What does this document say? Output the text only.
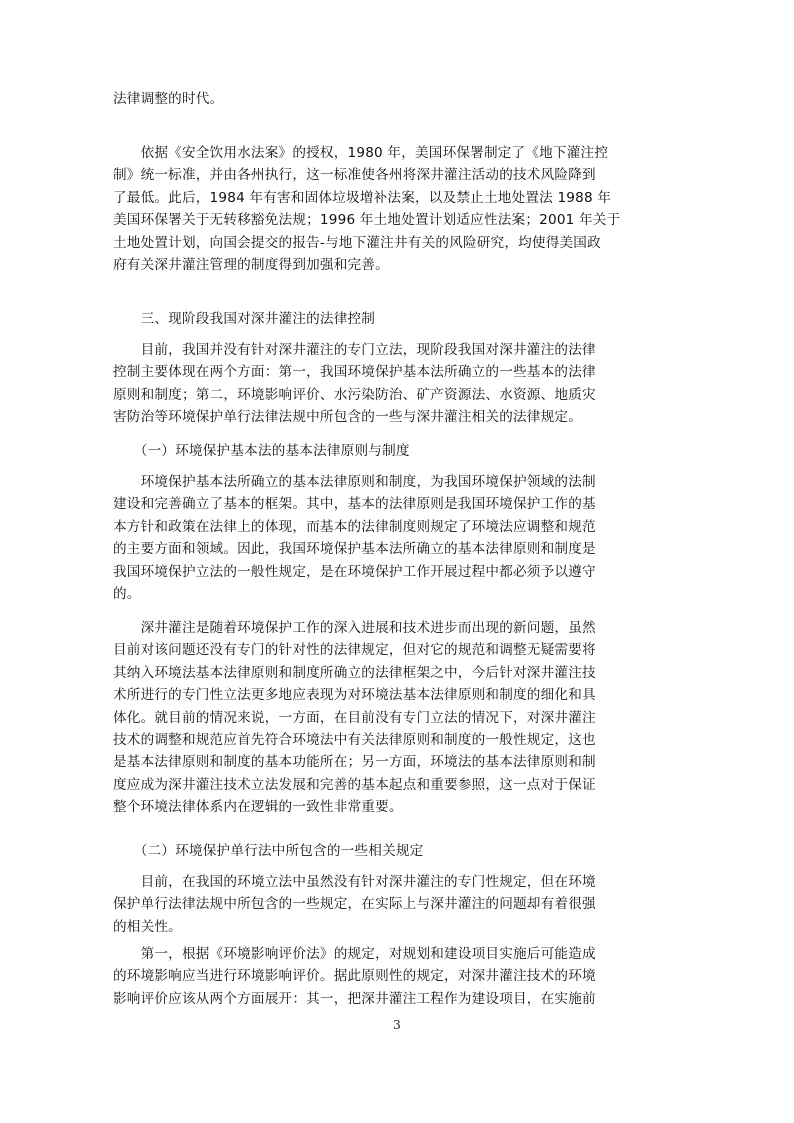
法律调整的时代。
　　依据《安全饮用水法案》的授权，1980 年，美国环保署制定了《地下灌注控
制》统一标准，并由各州执行，这一标准使各州将深井灌注活动的技术风险降到
了最低。此后，1984 年有害和固体垃圾增补法案，以及禁止土地处置法 1988 年
美国环保署关于无转移豁免法规；1996 年土地处置计划适应性法案；2001 年关于
土地处置计划，向国会提交的报告-与地下灌注井有关的风险研究，均使得美国政
府有关深井灌注管理的制度得到加强和完善。
　　三、现阶段我国对深井灌注的法律控制
　　目前，我国并没有针对深井灌注的专门立法，现阶段我国对深井灌注的法律
控制主要体现在两个方面：第一，我国环境保护基本法所确立的一些基本的法律
原则和制度；第二，环境影响评价、水污染防治、矿产资源法、水资源、地质灾
害防治等环境保护单行法律法规中所包含的一些与深井灌注相关的法律规定。
　　（一）环境保护基本法的基本法律原则与制度
　　环境保护基本法所确立的基本法律原则和制度，为我国环境保护领域的法制
建设和完善确立了基本的框架。其中，基本的法律原则是我国环境保护工作的基
本方针和政策在法律上的体现，而基本的法律制度则规定了环境法应调整和规范
的主要方面和领域。因此，我国环境保护基本法所确立的基本法律原则和制度是
我国环境保护立法的一般性规定，是在环境保护工作开展过程中都必须予以遵守
的。
　　深井灌注是随着环境保护工作的深入进展和技术进步而出现的新问题，虽然
目前对该问题还没有专门的针对性的法律规定，但对它的规范和调整无疑需要将
其纳入环境法基本法律原则和制度所确立的法律框架之中，今后针对深井灌注技
术所进行的专门性立法更多地应表现为对环境法基本法律原则和制度的细化和具
体化。就目前的情况来说，一方面，在目前没有专门立法的情况下，对深井灌注
技术的调整和规范应首先符合环境法中有关法律原则和制度的一般性规定，这也
是基本法律原则和制度的基本功能所在；另一方面，环境法的基本法律原则和制
度应成为深井灌注技术立法发展和完善的基本起点和重要参照，这一点对于保证
整个环境法律体系内在逻辑的一致性非常重要。
　　（二）环境保护单行法中所包含的一些相关规定
　　目前，在我国的环境立法中虽然没有针对深井灌注的专门性规定，但在环境
保护单行法律法规中所包含的一些规定，在实际上与深井灌注的问题却有着很强
的相关性。
　　第一，根据《环境影响评价法》的规定，对规划和建设项目实施后可能造成
的环境影响应当进行环境影响评价。据此原则性的规定，对深井灌注技术的环境
影响评价应该从两个方面展开：其一，把深井灌注工程作为建设项目，在实施前
3
